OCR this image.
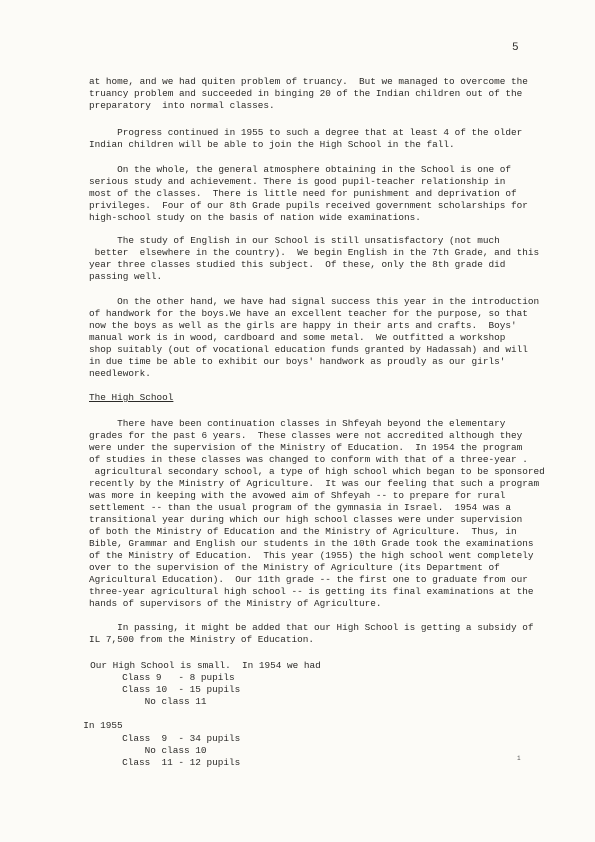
5
at home, and we had quiten problem of truancy.  But we managed to overcome the
truancy problem and succeeded in binging 20 of the Indian children out of the
preparatory  into normal classes.
Progress continued in 1955 to such a degree that at least 4 of the older
Indian children will be able to join the High School in the fall.
On the whole, the general atmosphere obtaining in the School is one of
serious study and achievement. There is good pupil-teacher relationship in
most of the classes.  There is little need for punishment and deprivation of
privileges.  Four of our 8th Grade pupils received government scholarships for
high-school study on the basis of nation wide examinations.
The study of English in our School is still unsatisfactory (not much
better  elsewhere in the country).  We begin English in the 7th Grade, and this
year three classes studied this subject.  Of these, only the 8th grade did
passing well.
On the other hand, we have had signal success this year in the introduction
of handwork for the boys.We have an excellent teacher for the purpose, so that
now the boys as well as the girls are happy in their arts and crafts.  Boys'
manual work is in wood, cardboard and some metal.  We outfitted a workshop
shop suitably (out of vocational education funds granted by Hadassah) and will
in due time be able to exhibit our boys' handwork as proudly as our girls'
needlework.
The High School
There have been continuation classes in Shfeyah beyond the elementary
grades for the past 6 years.  These classes were not accredited although they
were under the supervision of the Ministry of Education.  In 1954 the program
of studies in these classes was changed to conform with that of a three-year .
agricultural secondary school, a type of high school which began to be sponsored
recently by the Ministry of Agriculture.  It was our feeling that such a program
was more in keeping with the avowed aim of Shfeyah -- to prepare for rural
settlement -- than the usual program of the gymnasia in Israel.  1954 was a
transitional year during which our high school classes were under supervision
of both the Ministry of Education and the Ministry of Agriculture.  Thus, in
Bible, Grammar and English our students in the 10th Grade took the examinations
of the Ministry of Education.  This year (1955) the high school went completely
over to the supervision of the Ministry of Agriculture (its Department of
Agricultural Education).  Our 11th grade -- the first one to graduate from our
three-year agricultural high school -- is getting its final examinations at the
hands of supervisors of the Ministry of Agriculture.
In passing, it might be added that our High School is getting a subsidy of
IL 7,500 from the Ministry of Education.
Our High School is small.  In 1954 we had
Class 9   - 8 pupils
Class 10  - 15 pupils
No class 11
In 1955
Class  9  - 34 pupils
No class 10
Class  11 - 12 pupils	1
